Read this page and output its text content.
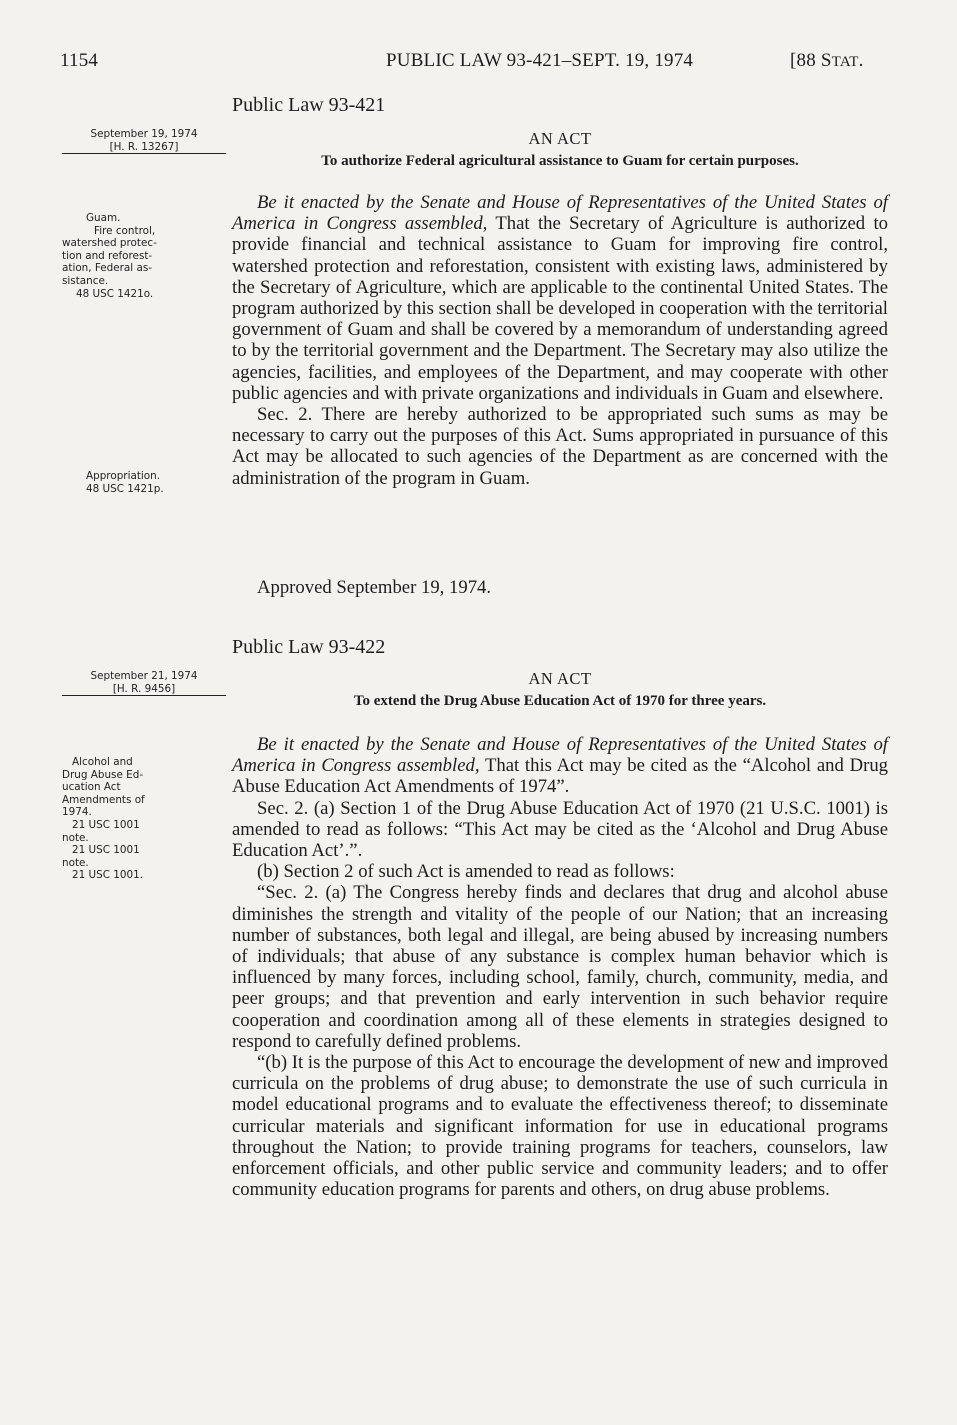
1154	PUBLIC LAW 93-421–SEPT. 19, 1974	[88 STAT.
Public Law 93-421
AN ACT
To authorize Federal agricultural assistance to Guam for certain purposes.

Be it enacted by the Senate and House of Representatives of the United States of America in Congress assembled, That the Secretary of Agriculture is authorized to provide financial and technical assistance to Guam for improving fire control, watershed protection and reforestation, consistent with existing laws, administered by the Secretary of Agriculture, which are applicable to the continental United States. The program authorized by this section shall be developed in cooperation with the territorial government of Guam and shall be covered by a memorandum of understanding agreed to by the territorial government and the Department. The Secretary may also utilize the agencies, facilities, and employees of the Department, and may cooperate with other public agencies and with private organizations and individuals in Guam and elsewhere.

Sec. 2. There are hereby authorized to be appropriated such sums as may be necessary to carry out the purposes of this Act. Sums appropriated in pursuance of this Act may be allocated to such agencies of the Department as are concerned with the administration of the program in Guam.

Approved September 19, 1974.
Public Law 93-422
AN ACT
To extend the Drug Abuse Education Act of 1970 for three years.

Be it enacted by the Senate and House of Representatives of the United States of America in Congress assembled, That this Act may be cited as the “Alcohol and Drug Abuse Education Act Amendments of 1974”.

Sec. 2. (a) Section 1 of the Drug Abuse Education Act of 1970 (21 U.S.C. 1001) is amended to read as follows: “This Act may be cited as the ‘Alcohol and Drug Abuse Education Act’.”.

(b) Section 2 of such Act is amended to read as follows:

“Sec. 2. (a) The Congress hereby finds and declares that drug and alcohol abuse diminishes the strength and vitality of the people of our Nation; that an increasing number of substances, both legal and illegal, are being abused by increasing numbers of individuals; that abuse of any substance is complex human behavior which is influenced by many forces, including school, family, church, community, media, and peer groups; and that prevention and early intervention in such behavior require cooperation and coordination among all of these elements in strategies designed to respond to carefully defined problems.

“(b) It is the purpose of this Act to encourage the development of new and improved curricula on the problems of drug abuse; to demonstrate the use of such curricula in model educational programs and to evaluate the effectiveness thereof; to disseminate curricular materials and significant information for use in educational programs throughout the Nation; to provide training programs for teachers, counselors, law enforcement officials, and other public service and community leaders; and to offer community education programs for parents and others, on drug abuse problems.

September 19, 1974
[H. R. 13267]
Guam.
Fire control,
watershed protec-
tion and reforest-
ation, Federal as-
sistance.
48 USC 1421o.
Appropriation.
48 USC 1421p.
September 21, 1974
[H. R. 9456]
Alcohol and
Drug Abuse Ed-
ucation Act
Amendments of
1974.
21 USC 1001
note.
21 USC 1001
note.
21 USC 1001.
